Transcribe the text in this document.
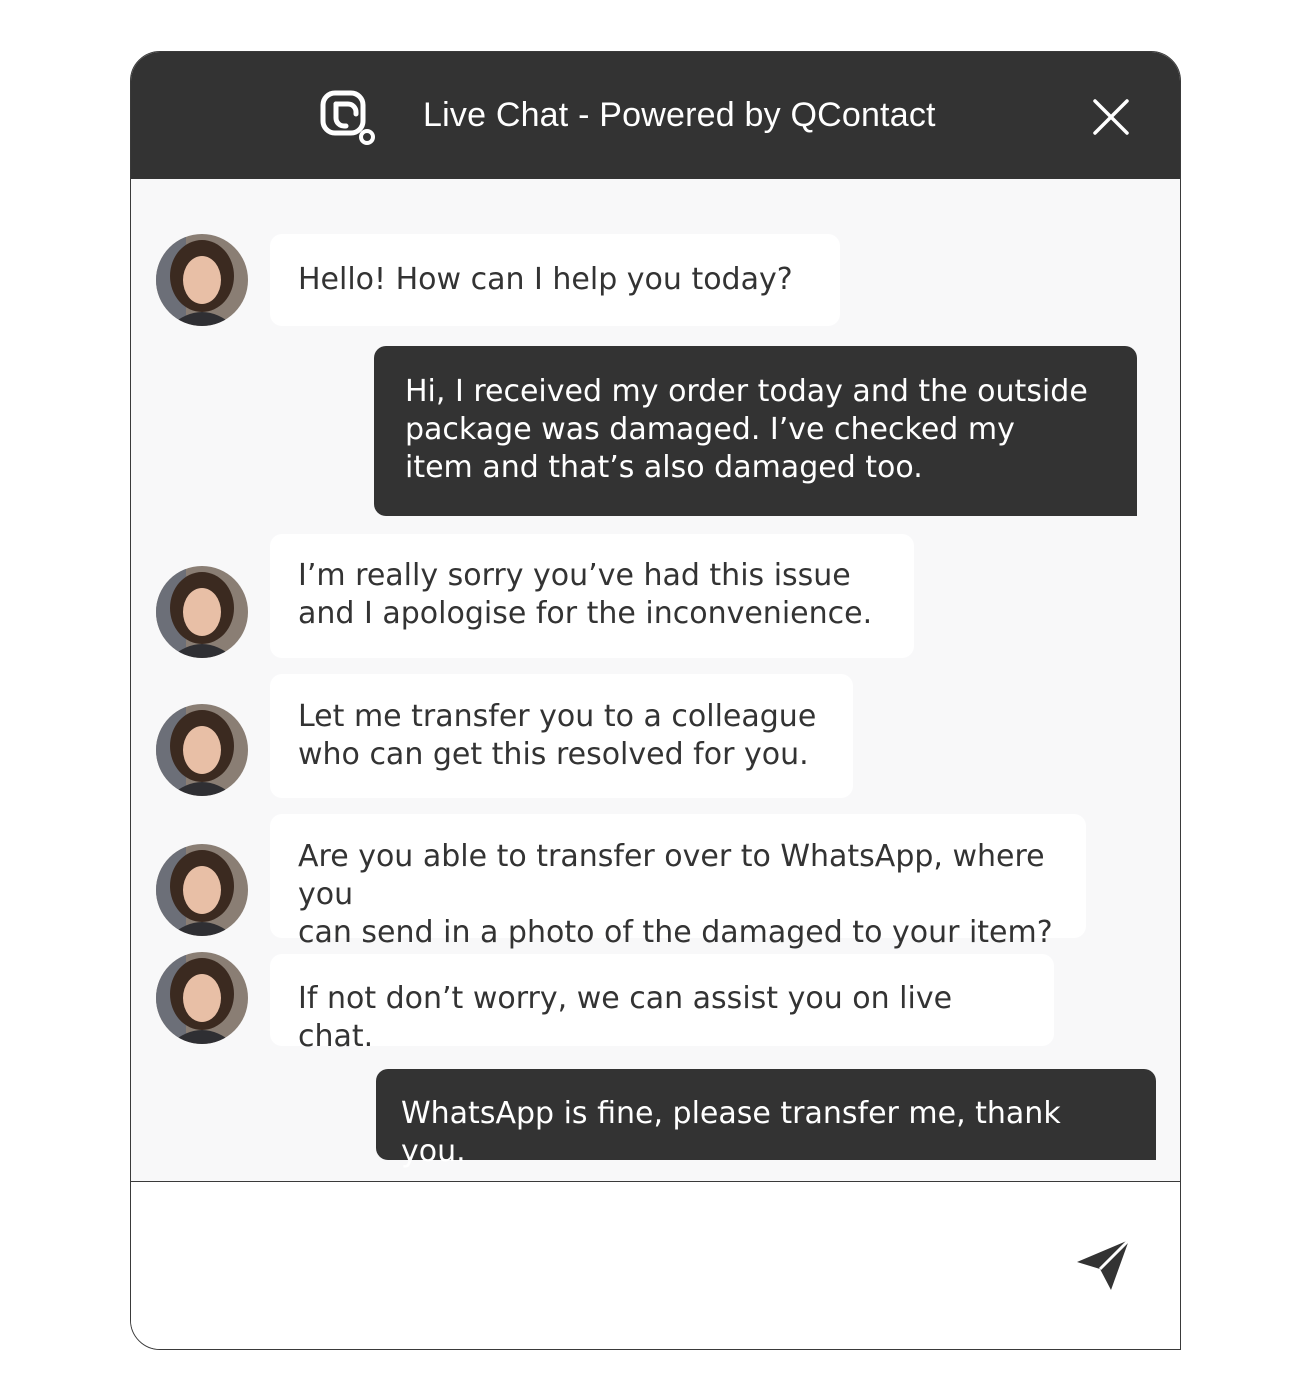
Live Chat - Powered by QContact
Hello! How can I help you today?
Hi, I received my order today and the outside
package was damaged. I’ve checked my
item and that’s also damaged too.
I’m really sorry you’ve had this issue
and I apologise for the inconvenience.
Let me transfer you to a colleague
who can get this resolved for you.
Are you able to transfer over to WhatsApp, where you
can send in a photo of the damaged to your item?
If not don’t worry, we can assist you on live chat.
WhatsApp is fine, please transfer me, thank you.
